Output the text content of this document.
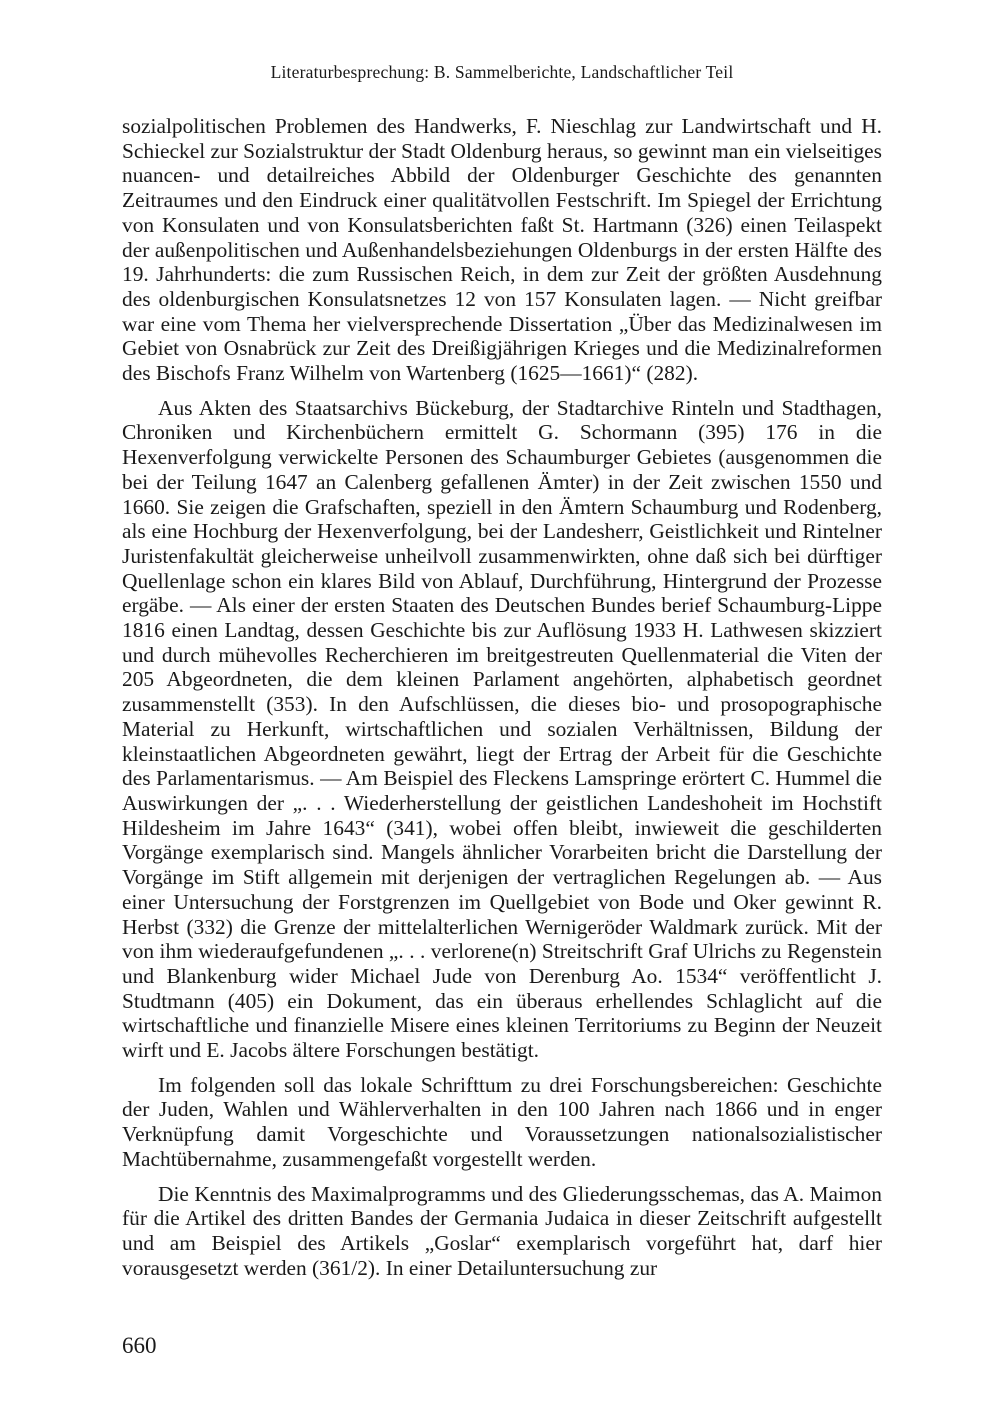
Literaturbesprechung: B. Sammelberichte, Landschaftlicher Teil

sozialpolitischen Problemen des Handwerks, F. Nieschlag zur Landwirtschaft und H. Schieckel zur Sozialstruktur der Stadt Oldenburg heraus, so gewinnt man ein vielseitiges nuancen- und detailreiches Abbild der Oldenburger Geschichte des genannten Zeitraumes und den Eindruck einer qualitätvollen Festschrift. Im Spiegel der Errichtung von Konsulaten und von Konsulatsberichten faßt St. Hartmann (326) einen Teilaspekt der außenpolitischen und Außenhandelsbeziehungen Oldenburgs in der ersten Hälfte des 19. Jahrhunderts: die zum Russischen Reich, in dem zur Zeit der größten Ausdehnung des oldenburgischen Konsulatsnetzes 12 von 157 Konsulaten lagen. — Nicht greifbar war eine vom Thema her vielversprechende Dissertation „Über das Medizinalwesen im Gebiet von Osnabrück zur Zeit des Dreißigjährigen Krieges und die Medizinalreformen des Bischofs Franz Wilhelm von Wartenberg (1625—1661)“ (282).

Aus Akten des Staatsarchivs Bückeburg, der Stadtarchive Rinteln und Stadthagen, Chroniken und Kirchenbüchern ermittelt G. Schormann (395) 176 in die Hexenverfolgung verwickelte Personen des Schaumburger Gebietes (ausgenommen die bei der Teilung 1647 an Calenberg gefallenen Ämter) in der Zeit zwischen 1550 und 1660. Sie zeigen die Grafschaften, speziell in den Ämtern Schaumburg und Rodenberg, als eine Hochburg der Hexenverfolgung, bei der Landesherr, Geistlichkeit und Rintelner Juristenfakultät gleicherweise unheilvoll zusammenwirkten, ohne daß sich bei dürftiger Quellenlage schon ein klares Bild von Ablauf, Durchführung, Hintergrund der Prozesse ergäbe. — Als einer der ersten Staaten des Deutschen Bundes berief Schaumburg-Lippe 1816 einen Landtag, dessen Geschichte bis zur Auflösung 1933 H. Lathwesen skizziert und durch mühevolles Recherchieren im breitgestreuten Quellenmaterial die Viten der 205 Abgeordneten, die dem kleinen Parlament angehörten, alphabetisch geordnet zusammenstellt (353). In den Aufschlüssen, die dieses bio- und prosopographische Material zu Herkunft, wirtschaftlichen und sozialen Verhältnissen, Bildung der kleinstaatlichen Abgeordneten gewährt, liegt der Ertrag der Arbeit für die Geschichte des Parlamentarismus. — Am Beispiel des Fleckens Lamspringe erörtert C. Hummel die Auswirkungen der „. . . Wiederherstellung der geistlichen Landeshoheit im Hochstift Hildesheim im Jahre 1643“ (341), wobei offen bleibt, inwieweit die geschilderten Vorgänge exemplarisch sind. Mangels ähnlicher Vorarbeiten bricht die Darstellung der Vorgänge im Stift allgemein mit derjenigen der vertraglichen Regelungen ab. — Aus einer Untersuchung der Forstgrenzen im Quellgebiet von Bode und Oker gewinnt R. Herbst (332) die Grenze der mittelalterlichen Wernigeröder Waldmark zurück. Mit der von ihm wiederaufgefundenen „. . . verlorene(n) Streitschrift Graf Ulrichs zu Regenstein und Blankenburg wider Michael Jude von Derenburg Ao. 1534“ veröffentlicht J. Studtmann (405) ein Dokument, das ein überaus erhellendes Schlaglicht auf die wirtschaftliche und finanzielle Misere eines kleinen Territoriums zu Beginn der Neuzeit wirft und E. Jacobs ältere Forschungen bestätigt.

Im folgenden soll das lokale Schrifttum zu drei Forschungsbereichen: Geschichte der Juden, Wahlen und Wählerverhalten in den 100 Jahren nach 1866 und in enger Verknüpfung damit Vorgeschichte und Voraussetzungen nationalsozialistischer Machtübernahme, zusammengefaßt vorgestellt werden.

Die Kenntnis des Maximalprogramms und des Gliederungsschemas, das A. Maimon für die Artikel des dritten Bandes der Germania Judaica in dieser Zeitschrift aufgestellt und am Beispiel des Artikels „Goslar“ exemplarisch vorgeführt hat, darf hier vorausgesetzt werden (361/2). In einer Detailuntersuchung zur

660
